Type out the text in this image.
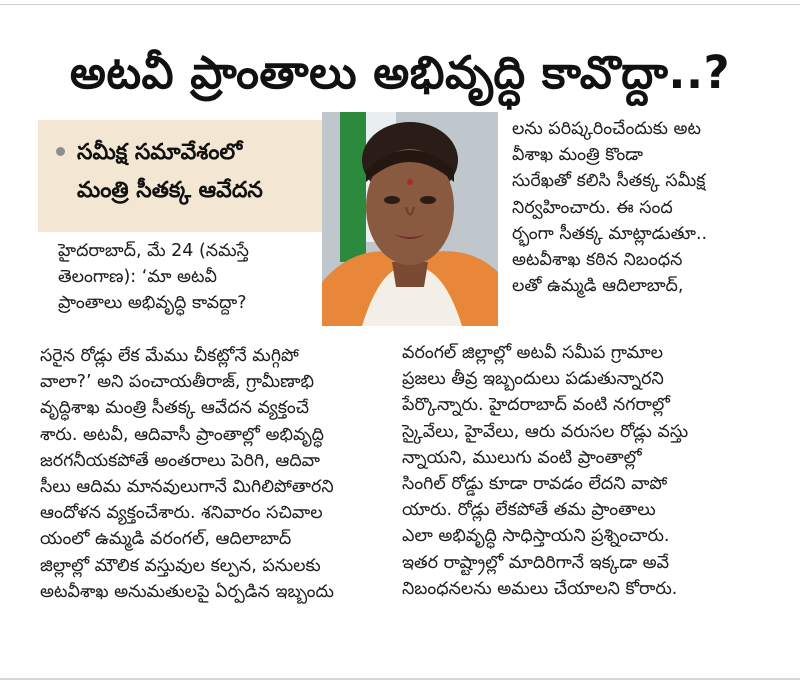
అటవీ ప్రాంతాలు అభివృద్ధి కావొద్దా..?
సమీక్ష సమావేశంలో
మంత్రి సీతక్క ఆవేదన
హైదరాబాద్, మే 24 (నమస్తే
తెలంగాణ): ‘మా అటవీ
ప్రాంతాలు అభివృద్ధి కావద్దా?
సరైన రోడ్లు లేక మేము చీకట్లోనే మగ్గిపో
వాలా?’ అని పంచాయతీరాజ్, గ్రామీణాభి
వృద్ధిశాఖ మంత్రి సీతక్క ఆవేదన వ్యక్తంచే
శారు. అటవీ, ఆదివాసీ ప్రాంతాల్లో అభివృద్ధి
జరగనీయకపోతే అంతరాలు పెరిగి, ఆదివా
సీలు ఆదిమ మానవులుగానే మిగిలిపోతారని
ఆందోళన వ్యక్తంచేశారు. శనివారం సచివాల
యంలో ఉమ్మడి వరంగల్, ఆదిలాబాద్
జిల్లాల్లో మౌలిక వస్తువుల కల్పన, పనులకు
అటవీశాఖ అనుమతులపై ఏర్పడిన ఇబ్బందు
లను పరిష్కరించేందుకు అట
వీశాఖ మంత్రి కొండా
సురేఖతో కలిసి సీతక్క సమీక్ష
నిర్వహించారు. ఈ సంద
ర్భంగా సీతక్క మాట్లాడుతూ..
అటవీశాఖ కఠిన నిబంధన
లతో ఉమ్మడి ఆదిలాబాద్,
వరంగల్ జిల్లాల్లో అటవీ సమీప గ్రామాల
ప్రజలు తీవ్ర ఇబ్బందులు పడుతున్నారని
పేర్కొన్నారు. హైదరాబాద్ వంటి నగరాల్లో
స్కైవేలు, హైవేలు, ఆరు వరుసల రోడ్లు వస్తు
న్నాయని, ములుగు వంటి ప్రాంతాల్లో
సింగిల్ రోడ్డు కూడా రావడం లేదని వాపో
యారు. రోడ్లు లేకపోతే తమ ప్రాంతాలు
ఎలా అభివృద్ధి సాధిస్తాయని ప్రశ్నించారు.
ఇతర రాష్ట్రాల్లో మాదిరిగానే ఇక్కడా అవే
నిబంధనలను అమలు చేయాలని కోరారు.
